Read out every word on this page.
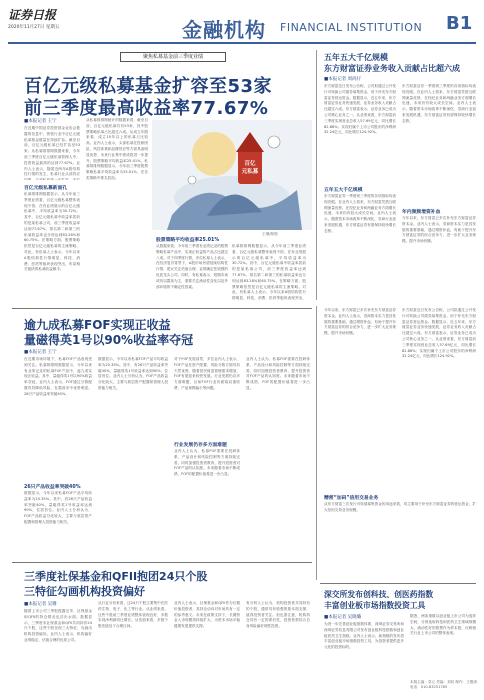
证券日报
2020年11月27日 星期五	金融机构 FINANCIAL INSTITUTION B1
聚焦私募基金前三季度业绩
百亿元级私募基金扩容至53家
前三季度最高收益率77.67%
■本报记者 王宁
在近期中国证券投资基金业协会披露的信息中，资管行业中百亿元级私募基金数量在持续扩容。截至目前，百亿元级私募已经扩容至53家。从私募排排网数据来看，今年前三季度百亿元级私募管理人中，投资收益最高的达到77.67%。业内人士表示，随着近两年A股结构性行情的发生，私募行业头部效应
百亿元级私募新面孔
私募排排网数据显示，从今年前三季度业绩看，百亿元级私募整体表现不俗，在有业绩展示的百亿元级私募中，平均收益率为30.72%。其中，百亿元级私募中收益率居前的是某私募公司，前三季度收益率达到77.67%，排名第二和第三的私募收益率也分别达到63.28%和60.75%。在策略方面，股票策略依然是百亿元级私募的主流策略。对此，有私募人士表示，今年以来A股结构性行情明显，科技、消费、医药等板块表现突出，布局相关板块的私募收益颇丰。
从私募排排网统计的数据来看，截至目前，百亿元级私募共有53家，其中股票策略私募占比超过六成。从成立年限来看，成立10年以上的私募占比较高。业内人士表示，头部私募在投研团队、风控体系和品牌效应等方面具备明显优势，未来行业集中度或将进一步提升。股票策略平均收益率25.01%，私募排排网数据显示，今年前三季度股票策略私募平均收益率为25.01%，在各类策略中排名居前。
百亿
元私募
王琳/制图
股票策略平均收益率25.01%
从数据来看，今年前三季度有业绩记录的股票策略私募产品中，实现正收益的产品占比超过八成。对于四季度行情，多位私募人士表示，在经济复苏背景下，A股市场有望延续结构性行情，建议关注估值合理、业绩确定性较强的优质龙头公司。同时，有私募表示，短期市场或仍以震荡为主，需要关注流动性变化以及外部环境的不确定性因素。
私募排排网数据显示，从今年前三季度业绩看，百亿元级私募整体表现不俗，在有业绩展示的百亿元级私募中，平均收益率为30.72%。其中，百亿元级私募中收益率居前的是某私募公司，前三季度收益率达到77.67%，排名第二和第三的私募收益率也分别达到63.28%和60.75%。在策略方面，股票策略依然是百亿元级私募的主流策略。对此，有私募人士表示，今年以来A股结构性行情明显，科技、消费、医药等板块表现突出，
五年五大千亿规模
东方财富证券业务收入贡献占比超六成
■本报记者 周尚仔
东方财富近日发布公告称，公司拟通过公开发行可转换公司债券募集资金，用于补充东方财富证券营运资金。数据显示，近五年来，东方财富证券业务快速发展，证券业务收入贡献占比超过六成。东方财富表示，证券业务已成为公司核心业务之一。从业绩来看，东方财富前三季度实现营业总收入57.69亿元，同比增长82.86%；实现归属于上市公司股东的净利润32.24亿元，同比增长124.92%。
五年五大千亿规模
东方财富证券一季度到三季度的各项指标均表现亮眼。在业内人士看来，东方财富凭借互联网流量优势，在经纪业务和两融业务方面增长迅速，未来仍有较大成长空间。业内人士表示，随着资本市场改革不断深化，券商行业迎来发展机遇，东方财富证券有望保持较快增长态势。
东方财富证券一季度到三季度的各项指标均表现亮眼。在业内人士看来，东方财富凭借互联网流量优势，在经纪业务和两融业务方面增长迅速，未来仍有较大成长空间。业内人士表示，随着资本市场改革不断深化，券商行业迎来发展机遇，东方财富证券有望保持较快增长态势。
年内频频增资补血
今年以来，东方财富已多次补充东方财富证券资本金。业内人士表示，券商资本实力是其发展的重要基础，通过增资补血，有助于提升东方财富证券的综合竞争力，进一步扩大业务规模，提升市场份额。
逾九成私募FOF实现正收益
量磁得英1号以90%收益率夺冠
■本报记者 王宁
在近期市场环境下，私募FOF产品表现受到关注。私募排排网数据显示，今年以来有业绩记录的私募FOF产品中，逾九成实现正收益。其中，量磁得英1号以90%收益率夺冠。业内人士表示，FOF通过分散配置有效降低风险，在震荡市中优势明显。26只产品收益率突破40%。
26只产品收益率突破40%
数据显示，今年以来私募FOF产品平均收益率为20.35%。其中，有26只产品收益率突破40%，量磁得英1号收益率达到90%，位居首位。业内人士分析认为，FOF产品收益分化较大，主要与底层资产配置和管理人投资能力相关。
数据显示，今年以来私募FOF产品平均收益率为20.35%。其中，有26只产品收益率突破40%，量磁得英1号收益率达到90%，位居首位。业内人士分析认为，FOF产品收益分化较大，主要与底层资产配置和管理人投资能力相关。
对于FOF发展前景，多位业内人士表示，FOF产品在资产配置、风险分散方面具有天然优势，随着居民财富管理需求增加，FOF有望迎来较快发展。行业发展仍存多方面难题，目前FOF行业仍面临双重收费、产品规模偏小等问题。
行业发展仍存多方面难题
业内人士认为，私募FOF需要在投研体系、产品设计和风险控制等方面持续完善，同时加强投资者教育，提升投资者对FOF产品的认知度。未来随着市场不断成熟，FOF的配置价值将进一步凸显。
业内人士认为，私募FOF需要在投研体系、产品设计和风险控制等方面持续完善，同时加强投资者教育，提升投资者对FOF产品的认知度。未来随着市场不断成熟，FOF的配置价值将进一步凸显。
今年以来，东方财富已多次补充东方财富证券资本金。业内人士表示，券商资本实力是其发展的重要基础，通过增资补血，有助于提升东方财富证券的综合竞争力，进一步扩大业务规模，提升市场份额。
东方财富近日发布公告称，公司拟通过公开发行可转换公司债券募集资金，用于补充东方财富证券营运资金。数据显示，近五年来，东方财富证券业务快速发展，证券业务收入贡献占比超过六成。东方财富表示，证券业务已成为公司核心业务之一。从业绩来看，东方财富前三季度实现营业总收入57.69亿元，同比增长82.86%；实现归属于上市公司股东的净利润32.24亿元，同比增长124.92%。
精密“加码”信用交易业务
从东方财富三次发行可转债募集资金的用途来看，均主要用于补充东方财富证券的营运资金，扩大信用交易业务规模。
三季度社保基金和QFII抱团24只个股
三特征勾画机构投资偏好
■本报记者 吴珊
随着上市公司三季报披露完毕，社保基金和QFII的持仓情况也浮出水面。数据显示，三季度末社保基金和QFII共同持有24只个股，这些个股呈现三大特征，勾画出机构投资偏好。业内人士表示，机构偏好业绩稳定、估值合理的优质公司。
从行业分布来看，这24只个股主要集中在医药生物、电子、化工等行业。从业绩来看，这些个股前三季度业绩整体表现良好，多数实现净利润同比增长。从估值来看，多数个股估值处于合理区间。
业内人士表示，社保基金和QFII作为长期价值投资者，其持仓动向对市场具有一定的参考意义。未来在政策支持下，长期资金入市规模将持续扩大，为资本市场平稳健康发展提供支撑。
有分析人士认为，机构投资者共同持有的个股，通常具有较强的基本面支撑，值得投资者关注。但也需注意，机构持仓具有一定的滞后性，投资者需结合自身风险偏好理性投资。
深交所发布创科技、创医药指数
丰富创业板市场指数投资工具
■本报记者 吴晓璐
为进一步完善创业板指数体系，深圳证券交易所和深圳证券信息有限公司发布创业板科技指数和创业板医药卫生指数。业内人士表示，新指数的发布将丰富创业板市场指数投资工具，为投资者提供更多元化的投资标的。
据悉，两条指数以创业板上市公司为选样空间，分别选取科技和医药卫生领域规模大、流动性好的股票作为样本股，反映相关行业上市公司的整体表现。
本版主编：袁元 责编：刘钊 制作：王敬涛 电话：010-83251785
